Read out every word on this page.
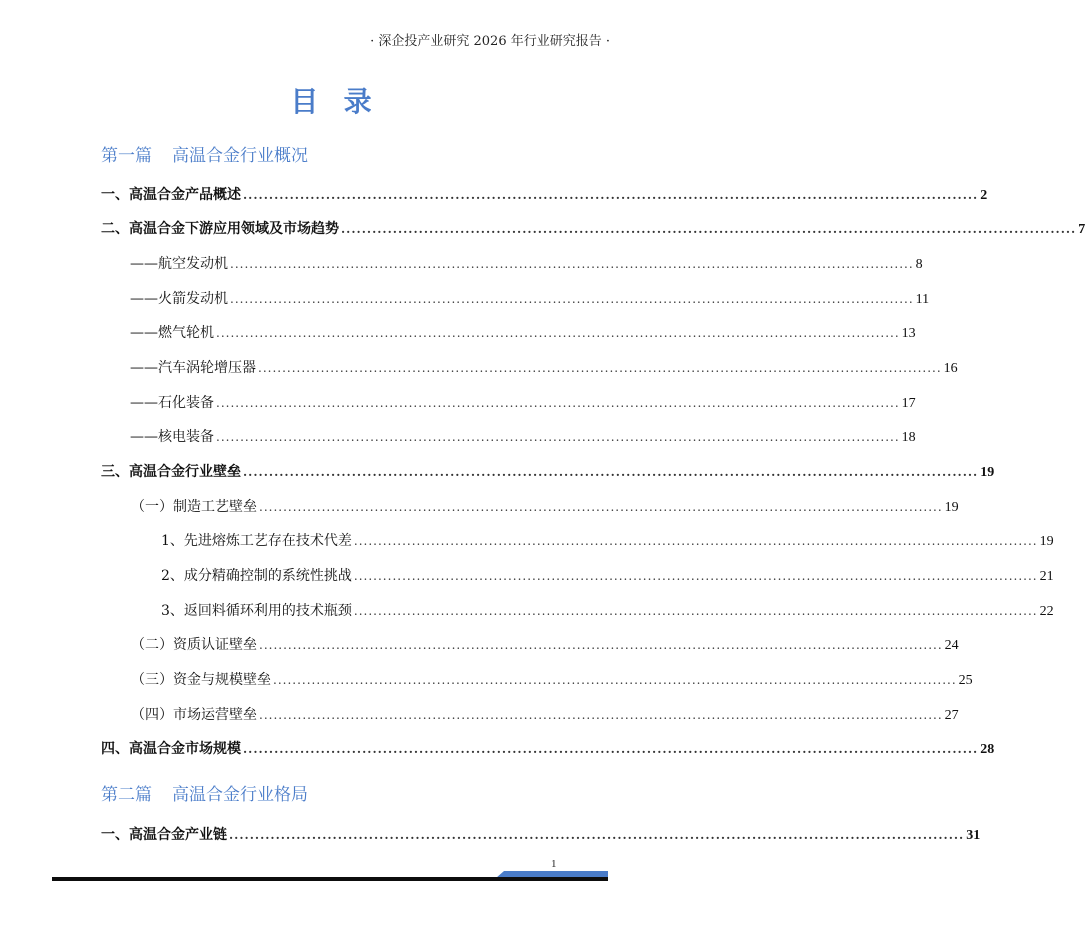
· 深企投产业研究 2026 年行业研究报告 ·
目录
第一篇 高温合金行业概况
一、高温合金产品概述 .............................................................................................................................................. 2
二、高温合金下游应用领域及市场趋势 .............................................................................................................................................. 7
——航空发动机 .............................................................................................................................................. 8
——火箭发动机 .............................................................................................................................................. 11
——燃气轮机 .............................................................................................................................................. 13
——汽车涡轮增压器 .............................................................................................................................................. 16
——石化装备 .............................................................................................................................................. 17
——核电装备 .............................................................................................................................................. 18
三、高温合金行业壁垒 .............................................................................................................................................. 19
（一）制造工艺壁垒 .............................................................................................................................................. 19
1、先进熔炼工艺存在技术代差 .............................................................................................................................................. 19
2、成分精确控制的系统性挑战 .............................................................................................................................................. 21
3、返回料循环利用的技术瓶颈 .............................................................................................................................................. 22
（二）资质认证壁垒 .............................................................................................................................................. 24
（三）资金与规模壁垒 .............................................................................................................................................. 25
（四）市场运营壁垒 .............................................................................................................................................. 27
四、高温合金市场规模 .............................................................................................................................................. 28
第二篇 高温合金行业格局
一、高温合金产业链 .............................................................................................................................................. 31
1
